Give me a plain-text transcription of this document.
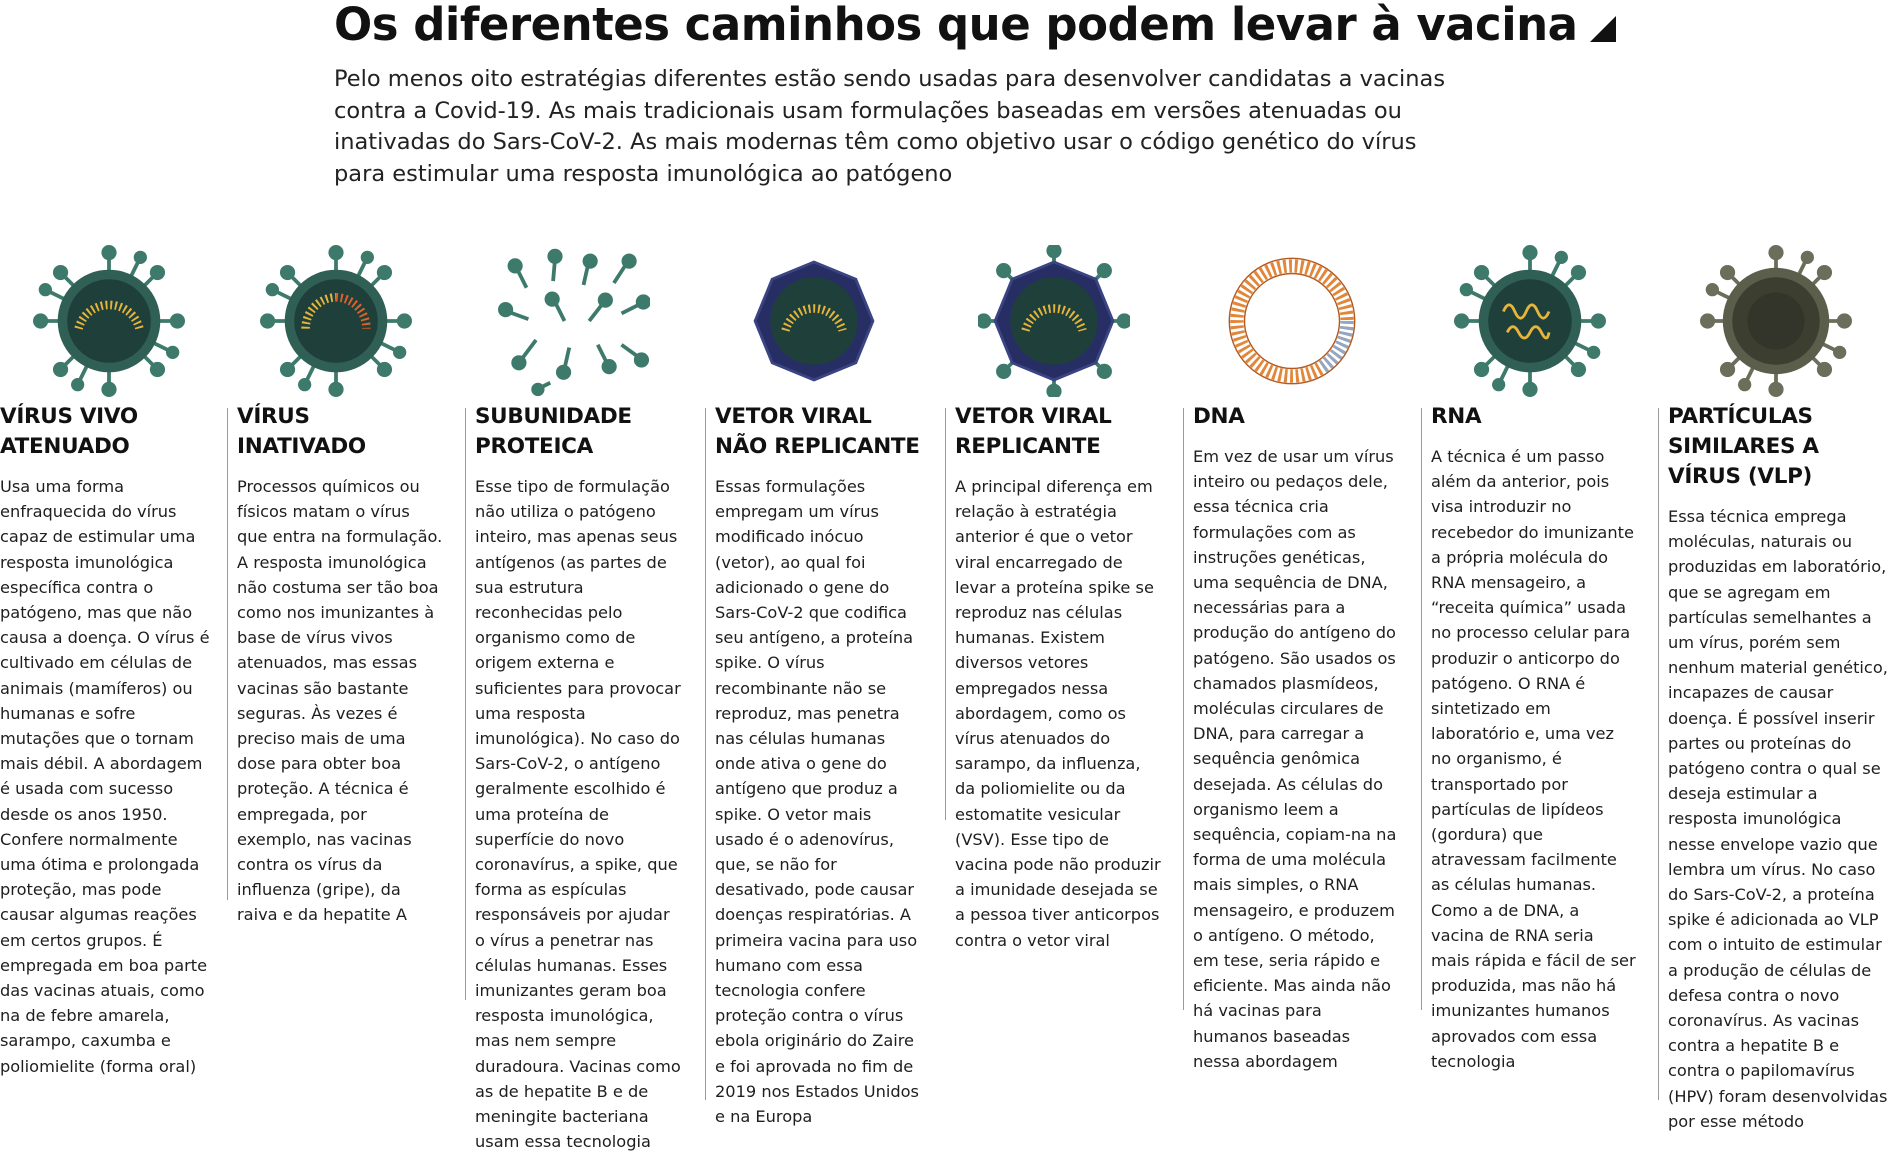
Os diferentes caminhos que podem levar à vacina

Pelo menos oito estratégias diferentes estão sendo usadas para desenvolver candidatas a vacinas contra a Covid-19. As mais tradicionais usam formulações baseadas em versões atenuadas ou inativadas do Sars-CoV-2. As mais modernas têm como objetivo usar o código genético do vírus para estimular uma resposta imunológica ao patógeno

VÍRUS VIVO ATENUADO

Usa uma forma enfraquecida do vírus capaz de estimular uma resposta imunológica específica contra o patógeno, mas que não causa a doença. O vírus é cultivado em células de animais (mamíferos) ou humanas e sofre mutações que o tornam mais débil. A abordagem é usada com sucesso desde os anos 1950. Confere normalmente uma ótima e prolongada proteção, mas pode causar algumas reações em certos grupos. É empregada em boa parte das vacinas atuais, como na de febre amarela, sarampo, caxumba e poliomielite (forma oral)

VÍRUS INATIVADO

Processos químicos ou físicos matam o vírus que entra na formulação. A resposta imunológica não costuma ser tão boa como nos imunizantes à base de vírus vivos atenuados, mas essas vacinas são bastante seguras. Às vezes é preciso mais de uma dose para obter boa proteção. A técnica é empregada, por exemplo, nas vacinas contra os vírus da influenza (gripe), da raiva e da hepatite A

SUBUNIDADE PROTEICA

Esse tipo de formulação não utiliza o patógeno inteiro, mas apenas seus antígenos (as partes de sua estrutura reconhecidas pelo organismo como de origem externa e suficientes para provocar uma resposta imunológica). No caso do Sars-CoV-2, o antígeno geralmente escolhido é uma proteína de superfície do novo coronavírus, a spike, que forma as espículas responsáveis por ajudar o vírus a penetrar nas células humanas. Esses imunizantes geram boa resposta imunológica, mas nem sempre duradoura. Vacinas como as de hepatite B e de meningite bacteriana usam essa tecnologia

VETOR VIRAL NÃO REPLICANTE

Essas formulações empregam um vírus modificado inócuo (vetor), ao qual foi adicionado o gene do Sars-CoV-2 que codifica seu antígeno, a proteína spike. O vírus recombinante não se reproduz, mas penetra nas células humanas onde ativa o gene do antígeno que produz a spike. O vetor mais usado é o adenovírus, que, se não for desativado, pode causar doenças respiratórias. A primeira vacina para uso humano com essa tecnologia confere proteção contra o vírus ebola originário do Zaire e foi aprovada no fim de 2019 nos Estados Unidos e na Europa

VETOR VIRAL REPLICANTE

A principal diferença em relação à estratégia anterior é que o vetor viral encarregado de levar a proteína spike se reproduz nas células humanas. Existem diversos vetores empregados nessa abordagem, como os vírus atenuados do sarampo, da influenza, da poliomielite ou da estomatite vesicular (VSV). Esse tipo de vacina pode não produzir a imunidade desejada se a pessoa tiver anticorpos contra o vetor viral

DNA

Em vez de usar um vírus inteiro ou pedaços dele, essa técnica cria formulações com as instruções genéticas, uma sequência de DNA, necessárias para a produção do antígeno do patógeno. São usados os chamados plasmídeos, moléculas circulares de DNA, para carregar a sequência genômica desejada. As células do organismo leem a sequência, copiam-na na forma de uma molécula mais simples, o RNA mensageiro, e produzem o antígeno. O método, em tese, seria rápido e eficiente. Mas ainda não há vacinas para humanos baseadas nessa abordagem

RNA

A técnica é um passo além da anterior, pois visa introduzir no recebedor do imunizante a própria molécula do RNA mensageiro, a “receita química” usada no processo celular para produzir o anticorpo do patógeno. O RNA é sintetizado em laboratório e, uma vez no organismo, é transportado por partículas de lipídeos (gordura) que atravessam facilmente as células humanas. Como a de DNA, a vacina de RNA seria mais rápida e fácil de ser produzida, mas não há imunizantes humanos aprovados com essa tecnologia

PARTÍCULAS SIMILARES A VÍRUS (VLP)

Essa técnica emprega moléculas, naturais ou produzidas em laboratório, que se agregam em partículas semelhantes a um vírus, porém sem nenhum material genético, incapazes de causar doença. É possível inserir partes ou proteínas do patógeno contra o qual se deseja estimular a resposta imunológica nesse envelope vazio que lembra um vírus. No caso do Sars-CoV-2, a proteína spike é adicionada ao VLP com o intuito de estimular a produção de células de defesa contra o novo coronavírus. As vacinas contra a hepatite B e contra o papilomavírus (HPV) foram desenvolvidas por esse método
